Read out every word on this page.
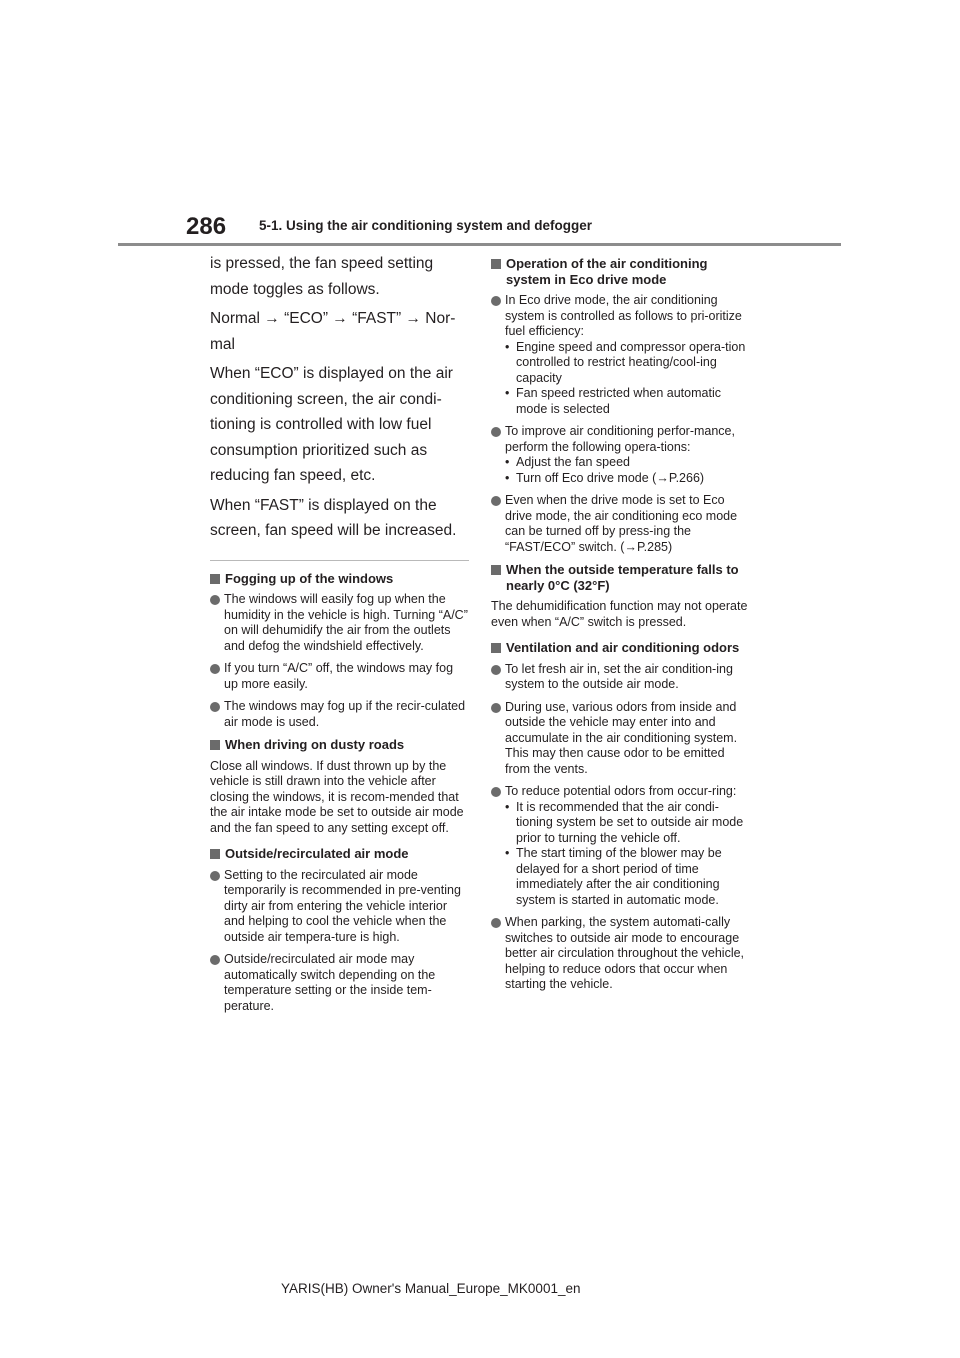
286 5-1. Using the air conditioning system and defogger

is pressed, the fan speed setting mode toggles as follows.

Normal → “ECO” → “FAST” → Nor-mal

When “ECO” is displayed on the air conditioning screen, the air condi-tioning is controlled with low fuel consumption prioritized such as reducing fan speed, etc.

When “FAST” is displayed on the screen, fan speed will be increased.

Fogging up of the windows
The windows will easily fog up when the humidity in the vehicle is high. Turning “A/C” on will dehumidify the air from the outlets and defog the windshield effectively.
If you turn “A/C” off, the windows may fog up more easily.
The windows may fog up if the recir-culated air mode is used.
When driving on dusty roads

Close all windows. If dust thrown up by the vehicle is still drawn into the vehicle after closing the windows, it is recom-mended that the air intake mode be set to outside air mode and the fan speed to any setting except off.

Outside/recirculated air mode
Setting to the recirculated air mode temporarily is recommended in pre-venting dirty air from entering the vehicle interior and helping to cool the vehicle when the outside air tempera-ture is high.
Outside/recirculated air mode may automatically switch depending on the temperature setting or the inside tem-perature.
Operation of the air conditioning system in Eco drive mode
In Eco drive mode, the air conditioning system is controlled as follows to pri-oritize fuel efficiency:
• Engine speed and compressor opera-tion controlled to restrict heating/cool-ing capacity
• Fan speed restricted when automatic mode is selected
To improve air conditioning perfor-mance, perform the following opera-tions:
• Adjust the fan speed
• Turn off Eco drive mode (→P.266)
Even when the drive mode is set to Eco drive mode, the air conditioning eco mode can be turned off by press-ing the “FAST/ECO” switch. (→P.285)
When the outside temperature falls to nearly 0°C (32°F)

The dehumidification function may not operate even when “A/C” switch is pressed.

Ventilation and air conditioning odors
To let fresh air in, set the air condition-ing system to the outside air mode.
During use, various odors from inside and outside the vehicle may enter into and accumulate in the air conditioning system. This may then cause odor to be emitted from the vents.
To reduce potential odors from occur-ring:
• It is recommended that the air condi-tioning system be set to outside air mode prior to turning the vehicle off.
• The start timing of the blower may be delayed for a short period of time immediately after the air conditioning system is started in automatic mode.
When parking, the system automati-cally switches to outside air mode to encourage better air circulation throughout the vehicle, helping to reduce odors that occur when starting the vehicle.
YARIS(HB) Owner's Manual_Europe_MK0001_en
